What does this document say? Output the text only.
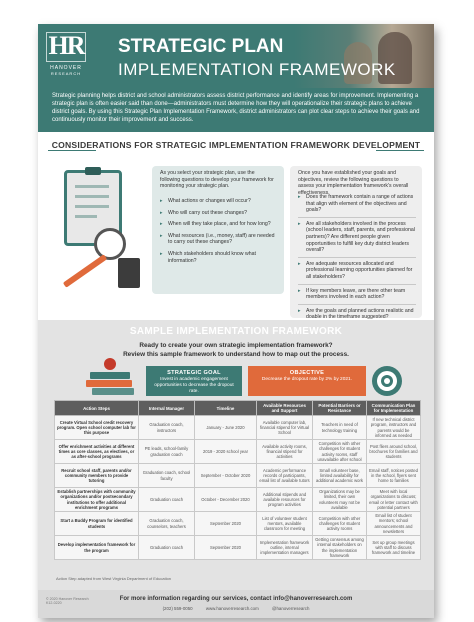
HR
HANOVER
RESEARCH
STRATEGIC PLAN
IMPLEMENTATION FRAMEWORK

Strategic planning helps district and school administrators assess district performance and identify areas for improvement. Implementing a strategic plan is often easier said than done—administrators must determine how they will operationalize their strategic plans to achieve district goals. By using this Strategic Plan Implementation Framework, district administrators can plot clear steps to achieve their goals and continuously monitor their improvement and success.

CONSIDERATIONS FOR STRATEGIC IMPLEMENTATION FRAMEWORK DEVELOPMENT

As you select your strategic plan, use the following questions to develop your framework for monitoring your strategic plan.

▸ What actions or changes will occur?
▸ Who will carry out these changes?
▸ When will they take place, and for how long?
▸ What resources (i.e., money, staff) are needed to carry out these changes?
▸ Which stakeholders should know what information?

Once you have established your goals and objectives, review the following questions to assess your implementation framework's overall effectiveness.

▸ Does the framework contain a range of actions that align with element of the objectives and goals?
▸ Are all stakeholders involved in the process (school leaders, staff, parents, and professional partners)? Are different people given opportunities to fulfill key duty district leaders overall?
▸ Are adequate resources allocated and professional learning opportunities planned for all stakeholders?
▸ If key members leave, are there other team members involved in each action?
▸ Are the goals and planned actions realistic and doable in the timeframe suggested?
SAMPLE IMPLEMENTATION FRAMEWORK
Ready to create your own strategic implementation framework?
Review this sample framework to understand how to map out the process.
STRATEGIC GOAL
Invest in academic engagement opportunities to decrease the dropout rate.
OBJECTIVE
Decrease the dropout rate by 2% by 2021.
Action Steps	Internal Manager	Timeline	Available Resources and Support	Potential Barriers or Resistance	Communication Plan for Implementation
Create Virtual School credit recovery program. Open school computer lab for this purpose	Graduation coach, instructors	January - June 2020	Available computer lab, financial stipend for Virtual School	Teachers in need of technology training	If new technical district program, instructors and parents would be informed as needed
Offer enrichment activities at different times as core classes, as electives, or as after-school programs	PE leads, school-family graduation coach	2019 - 2020 school year	Available activity rooms, financial stipend for activities	Competition with other challenges for student activity rooms, staff unavailable after school	Post fliers around school, brochures for families and students
Recruit school staff, parents and/or community members to provide tutoring	Graduation coach, school faculty	September - October 2020	Academic performance records of participants, email list of available tutors	Small volunteer base, limited availability for additional academic work	Email staff, notices posted in the school, flyers sent home to families
Establish partnerships with community organizations and/or postsecondary institutions to offer additional enrichment programs	Graduation coach	October - December 2020	Additional stipends and available resources for program activities	Organizations may be limited, their own volunteers may not be available	Meet with local organizations to discuss; email or letter contact with potential partners
Start a Buddy Program for identified students	Graduation coach, counselors, teachers	September 2020	List of volunteer student mentors, available classroom for meeting	Competition with other challenges for student activity rooms	Email list of student mentors; school announcements and newsletters
Develop implementation framework for the program	Graduation coach	September 2020	Implementation framework outline, internal implementation managers	Getting consensus among internal stakeholders on the implementation framework	Set up group meetings with staff to discuss framework and timeline
Action Step adapted from West Virginia Department of Education
© 2020 Hanover Research
K12-0220
For more information regarding our services, contact info@hanoverresearch.com
(202) 559-0050	www.hanoverresearch.com	@hanoverresearch
